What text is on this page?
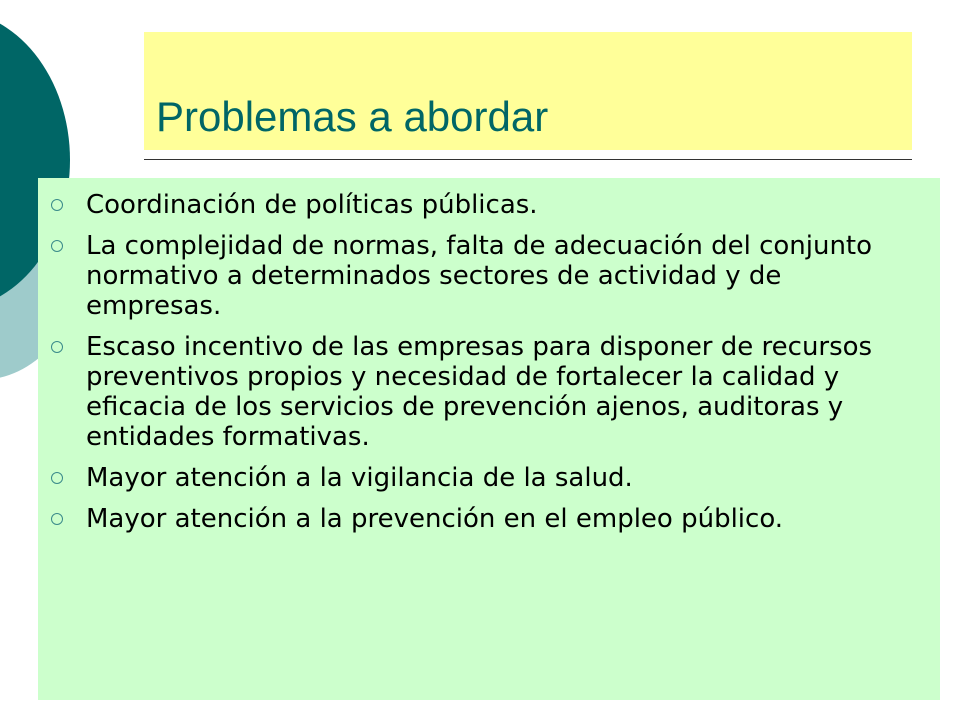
Problemas a abordar
Coordinación de políticas públicas.
La complejidad de normas, falta de adecuación del conjunto normativo a determinados sectores de actividad y de empresas.
Escaso incentivo de las empresas para disponer de recursos preventivos propios y necesidad de fortalecer la calidad y eficacia de los servicios de prevención ajenos, auditoras y entidades formativas.
Mayor atención a la vigilancia de la salud.
Mayor atención a la prevención en el empleo público.
